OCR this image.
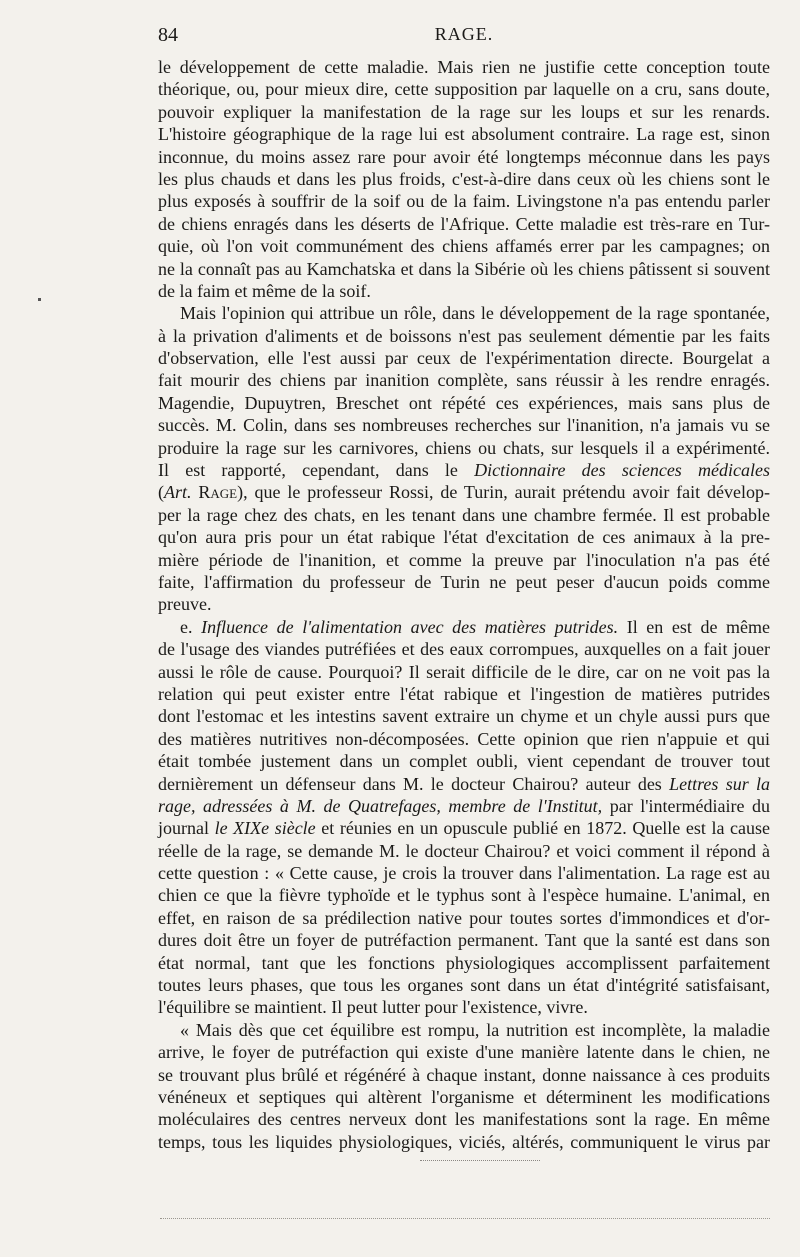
84	RAGE.
le développement de cette maladie. Mais rien ne justifie cette conception toute
théorique, ou, pour mieux dire, cette supposition par laquelle on a cru, sans doute,
pouvoir expliquer la manifestation de la rage sur les loups et sur les renards.
L'histoire géographique de la rage lui est absolument contraire. La rage est, sinon
inconnue, du moins assez rare pour avoir été longtemps méconnue dans les pays
les plus chauds et dans les plus froids, c'est-à-dire dans ceux où les chiens sont le
plus exposés à souffrir de la soif ou de la faim. Livingstone n'a pas entendu parler
de chiens enragés dans les déserts de l'Afrique. Cette maladie est très-rare en Tur-
quie, où l'on voit communément des chiens affamés errer par les campagnes; on
ne la connaît pas au Kamchatska et dans la Sibérie où les chiens pâtissent si souvent
de la faim et même de la soif.
Mais l'opinion qui attribue un rôle, dans le développement de la rage spontanée,
à la privation d'aliments et de boissons n'est pas seulement démentie par les faits
d'observation, elle l'est aussi par ceux de l'expérimentation directe. Bourgelat a
fait mourir des chiens par inanition complète, sans réussir à les rendre enragés.
Magendie, Dupuytren, Breschet ont répété ces expériences, mais sans plus de
succès. M. Colin, dans ses nombreuses recherches sur l'inanition, n'a jamais vu se
produire la rage sur les carnivores, chiens ou chats, sur lesquels il a expérimenté.
Il est rapporté, cependant, dans le Dictionnaire des sciences médicales
(Art. Rage), que le professeur Rossi, de Turin, aurait prétendu avoir fait dévelop-
per la rage chez des chats, en les tenant dans une chambre fermée. Il est probable
qu'on aura pris pour un état rabique l'état d'excitation de ces animaux à la pre-
mière période de l'inanition, et comme la preuve par l'inoculation n'a pas été
faite, l'affirmation du professeur de Turin ne peut peser d'aucun poids comme
preuve.
e. Influence de l'alimentation avec des matières putrides. Il en est de même
de l'usage des viandes putréfiées et des eaux corrompues, auxquelles on a fait jouer
aussi le rôle de cause. Pourquoi? Il serait difficile de le dire, car on ne voit pas la
relation qui peut exister entre l'état rabique et l'ingestion de matières putrides
dont l'estomac et les intestins savent extraire un chyme et un chyle aussi purs que
des matières nutritives non-décomposées. Cette opinion que rien n'appuie et qui
était tombée justement dans un complet oubli, vient cependant de trouver tout
dernièrement un défenseur dans M. le docteur Chairou? auteur des Lettres sur la
rage, adressées à M. de Quatrefages, membre de l'Institut, par l'intermédiaire du
journal le XIXe siècle et réunies en un opuscule publié en 1872. Quelle est la cause
réelle de la rage, se demande M. le docteur Chairou? et voici comment il répond à
cette question : « Cette cause, je crois la trouver dans l'alimentation. La rage est au
chien ce que la fièvre typhoïde et le typhus sont à l'espèce humaine. L'animal, en
effet, en raison de sa prédilection native pour toutes sortes d'immondices et d'or-
dures doit être un foyer de putréfaction permanent. Tant que la santé est dans son
état normal, tant que les fonctions physiologiques accomplissent parfaitement
toutes leurs phases, que tous les organes sont dans un état d'intégrité satisfaisant,
l'équilibre se maintient. Il peut lutter pour l'existence, vivre.
« Mais dès que cet équilibre est rompu, la nutrition est incomplète, la maladie
arrive, le foyer de putréfaction qui existe d'une manière latente dans le chien, ne
se trouvant plus brûlé et régénéré à chaque instant, donne naissance à ces produits
vénéneux et septiques qui altèrent l'organisme et déterminent les modifications
moléculaires des centres nerveux dont les manifestations sont la rage. En même
temps, tous les liquides physiologiques, viciés, altérés, communiquent le virus par
